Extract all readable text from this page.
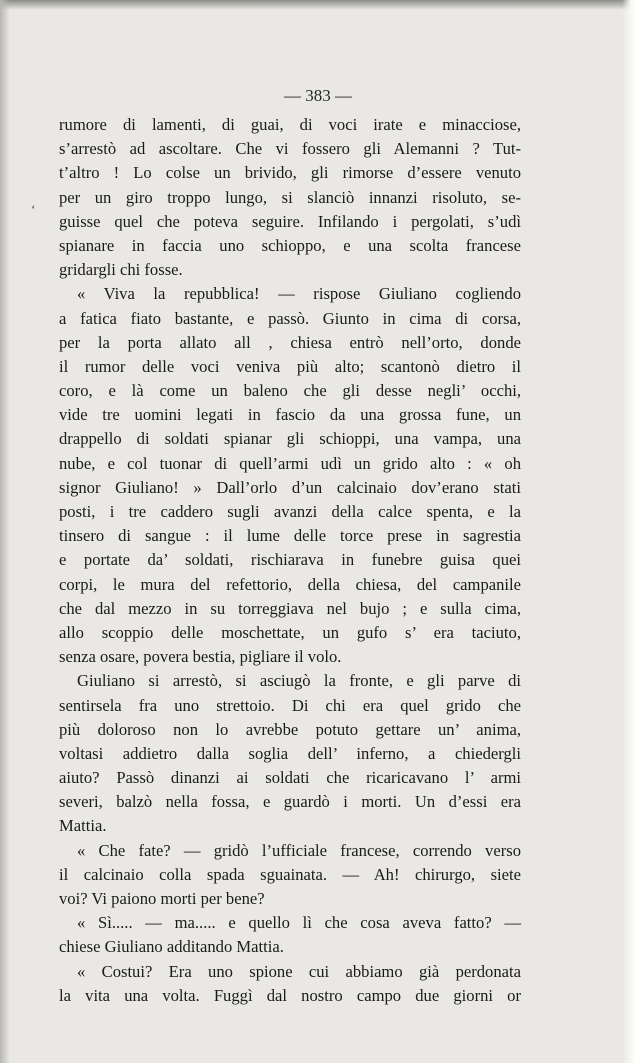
— 383 —
‘
rumore di lamenti, di guai, di voci irate e minacciose,
s’arrestò ad ascoltare. Che vi fossero gli Alemanni ? Tut-
t’altro ! Lo colse un brivido, gli rimorse d’essere venuto
per un giro troppo lungo, si slanciò innanzi risoluto, se-
guisse quel che poteva seguire. Infilando i pergolati, s’udì
spianare in faccia uno schioppo, e una scolta francese
gridargli chi fosse.
« Viva la repubblica! — rispose Giuliano cogliendo
a fatica fiato bastante, e passò. Giunto in cima di corsa,
per la porta allato all , chiesa entrò nell’orto, donde
il rumor delle voci veniva più alto; scantonò dietro il
coro, e là come un baleno che gli desse negli’ occhi,
vide tre uomini legati in fascio da una grossa fune, un
drappello di soldati spianar gli schioppi, una vampa, una
nube, e col tuonar di quell’armi udì un grido alto : « oh
signor Giuliano! » Dall’orlo d’un calcinaio dov’erano stati
posti, i tre caddero sugli avanzi della calce spenta, e la
tinsero di sangue : il lume delle torce prese in sagrestia
e portate da’ soldati, rischiarava in funebre guisa quei
corpi, le mura del refettorio, della chiesa, del campanile
che dal mezzo in su torreggiava nel bujo ; e sulla cima,
allo scoppio delle moschettate, un gufo s’ era taciuto,
senza osare, povera bestia, pigliare il volo.
Giuliano si arrestò, si asciugò la fronte, e gli parve di
sentirsela fra uno strettoio. Di chi era quel grido che
più doloroso non lo avrebbe potuto gettare un’ anima,
voltasi addietro dalla soglia dell’ inferno, a chiedergli
aiuto? Passò dinanzi ai soldati che ricaricavano l’ armi
severi, balzò nella fossa, e guardò i morti. Un d’essi era
Mattia.
« Che fate? — gridò l’ufficiale francese, correndo verso
il calcinaio colla spada sguainata. — Ah! chirurgo, siete
voi? Vi paiono morti per bene?
« Sì..... — ma..... e quello lì che cosa aveva fatto? —
chiese Giuliano additando Mattia.
« Costui? Era uno spione cui abbiamo già perdonata
la vita una volta. Fuggì dal nostro campo due giorni or
